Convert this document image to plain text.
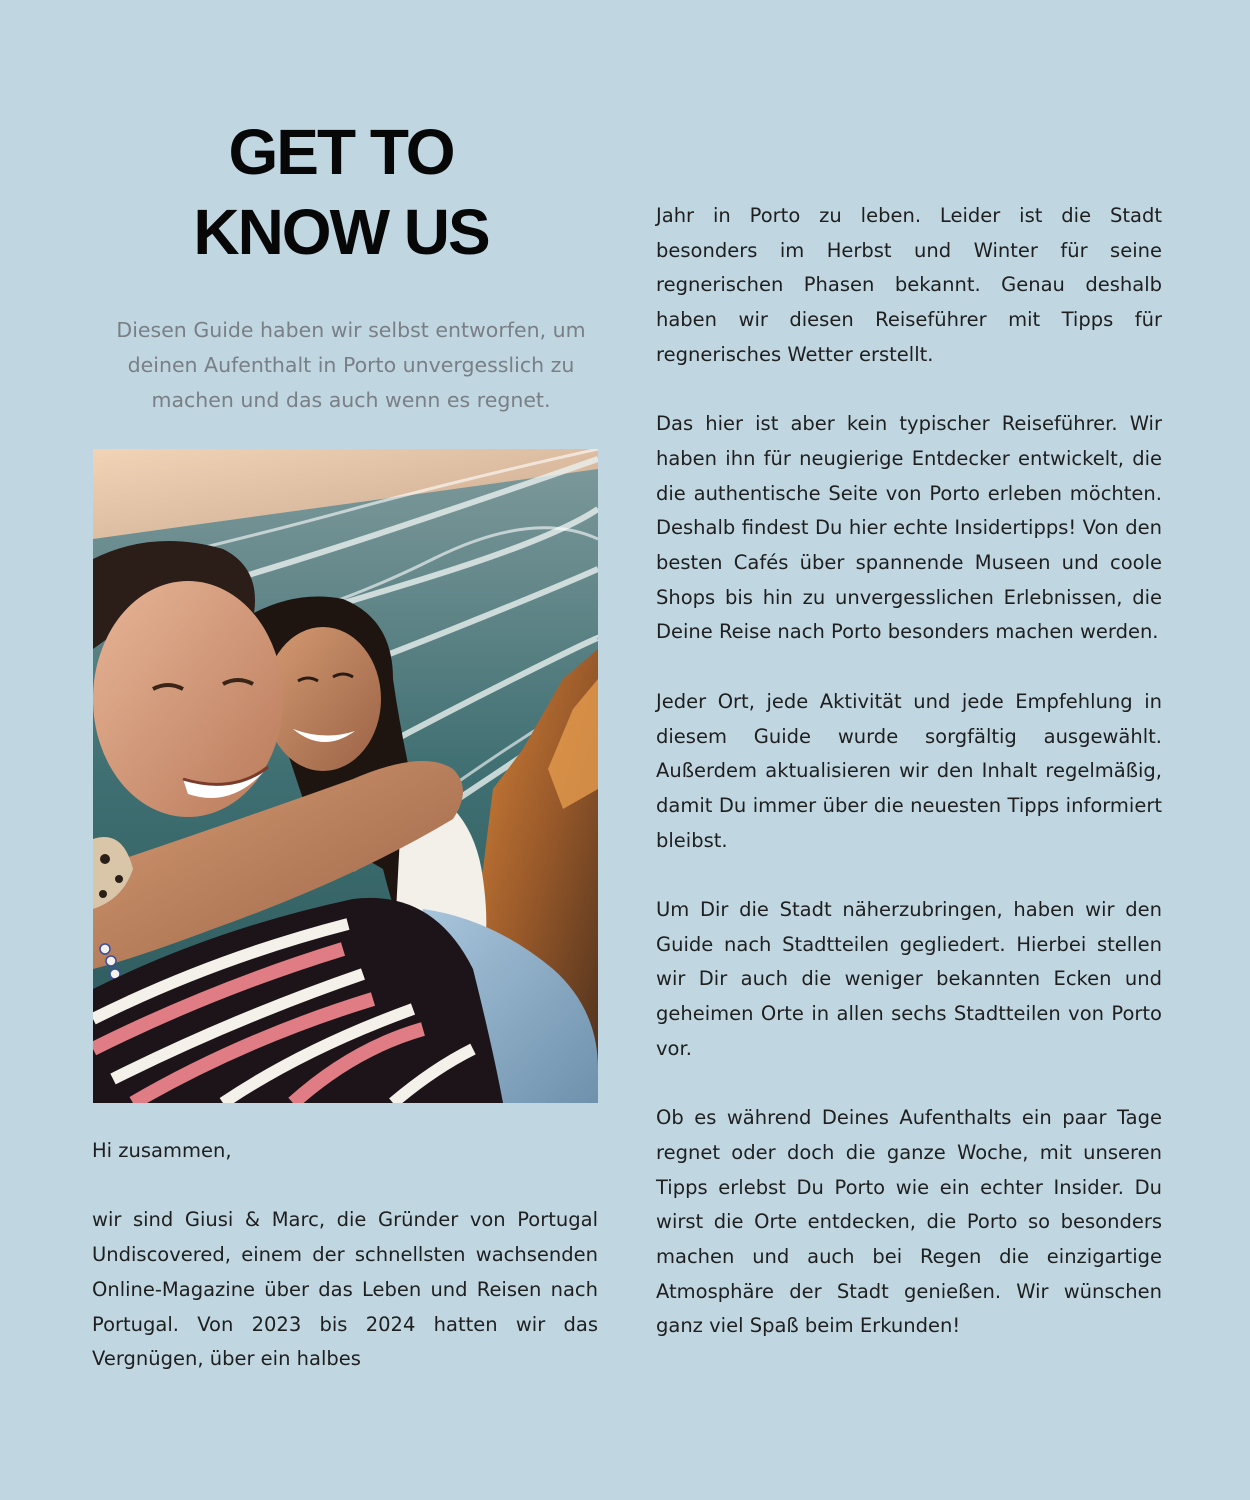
GET TO
KNOW US

Diesen Guide haben wir selbst entworfen, um deinen Aufenthalt in Porto unvergesslich zu machen und das auch wenn es regnet.

Hi zusammen,

wir sind Giusi & Marc, die Gründer von Portugal Undiscovered, einem der schnellsten wachsenden Online-Magazine über das Leben und Reisen nach Portugal. Von 2023 bis 2024 hatten wir das Vergnügen, über ein halbes

Jahr in Porto zu leben. Leider ist die Stadt besonders im Herbst und Winter für seine regnerischen Phasen bekannt. Genau deshalb haben wir diesen Reiseführer mit Tipps für regnerisches Wetter erstellt.

Das hier ist aber kein typischer Reiseführer. Wir haben ihn für neugierige Entdecker entwickelt, die die authentische Seite von Porto erleben möchten. Deshalb findest Du hier echte Insidertipps! Von den besten Cafés über spannende Museen und coole Shops bis hin zu unvergesslichen Erlebnissen, die Deine Reise nach Porto besonders machen werden.

Jeder Ort, jede Aktivität und jede Empfehlung in diesem Guide wurde sorgfältig ausgewählt. Außerdem aktualisieren wir den Inhalt regelmäßig, damit Du immer über die neuesten Tipps informiert bleibst.

Um Dir die Stadt näherzubringen, haben wir den Guide nach Stadtteilen gegliedert. Hierbei stellen wir Dir auch die weniger bekannten Ecken und geheimen Orte in allen sechs Stadtteilen von Porto vor.

Ob es während Deines Aufenthalts ein paar Tage regnet oder doch die ganze Woche, mit unseren Tipps erlebst Du Porto wie ein echter Insider. Du wirst die Orte entdecken, die Porto so besonders machen und auch bei Regen die einzigartige Atmosphäre der Stadt genießen. Wir wünschen ganz viel Spaß beim Erkunden!
